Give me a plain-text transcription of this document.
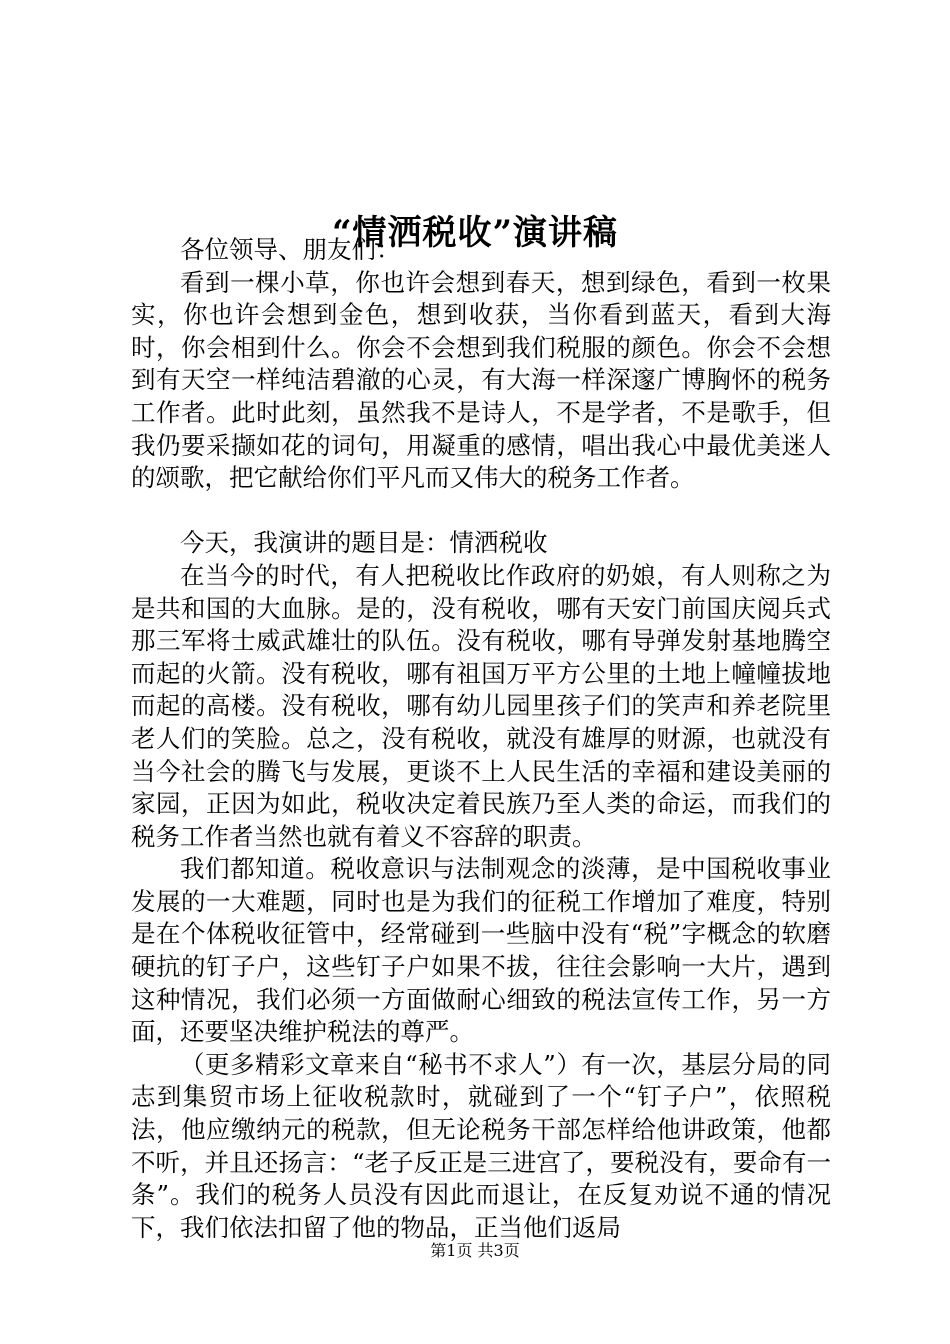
“情洒税收”演讲稿

各位领导、朋友们：

看到一棵小草，你也许会想到春天，想到绿色，看到一枚果实，你也许会想到金色，想到收获，当你看到蓝天，看到大海时，你会相到什么。你会不会想到我们税服的颜色。你会不会想到有天空一样纯洁碧澈的心灵，有大海一样深邃广博胸怀的税务工作者。此时此刻，虽然我不是诗人，不是学者，不是歌手，但我仍要采撷如花的词句，用凝重的感情，唱出我心中最优美迷人的颂歌，把它献给你们平凡而又伟大的税务工作者。

今天，我演讲的题目是：情洒税收

在当今的时代，有人把税收比作政府的奶娘，有人则称之为是共和国的大血脉。是的，没有税收，哪有天安门前国庆阅兵式那三军将士威武雄壮的队伍。没有税收，哪有导弹发射基地腾空而起的火箭。没有税收，哪有祖国万平方公里的土地上幢幢拔地而起的高楼。没有税收，哪有幼儿园里孩子们的笑声和养老院里老人们的笑脸。总之，没有税收，就没有雄厚的财源，也就没有当今社会的腾飞与发展，更谈不上人民生活的幸福和建设美丽的家园，正因为如此，税收决定着民族乃至人类的命运，而我们的税务工作者当然也就有着义不容辞的职责。

我们都知道。税收意识与法制观念的淡薄，是中国税收事业发展的一大难题，同时也是为我们的征税工作增加了难度，特别是在个体税收征管中，经常碰到一些脑中没有“税”字概念的软磨硬抗的钉子户，这些钉子户如果不拔，往往会影响一大片，遇到这种情况，我们必须一方面做耐心细致的税法宣传工作，另一方面，还要坚决维护税法的尊严。

（更多精彩文章来自“秘书不求人”）有一次，基层分局的同志到集贸市场上征收税款时，就碰到了一个“钉子户”，依照税法，他应缴纳元的税款，但无论税务干部怎样给他讲政策，他都不听，并且还扬言：“老子反正是三进宫了，要税没有，要命有一条”。我们的税务人员没有因此而退让，在反复劝说不通的情况下，我们依法扣留了他的物品，正当他们返局

第1页 共3页
